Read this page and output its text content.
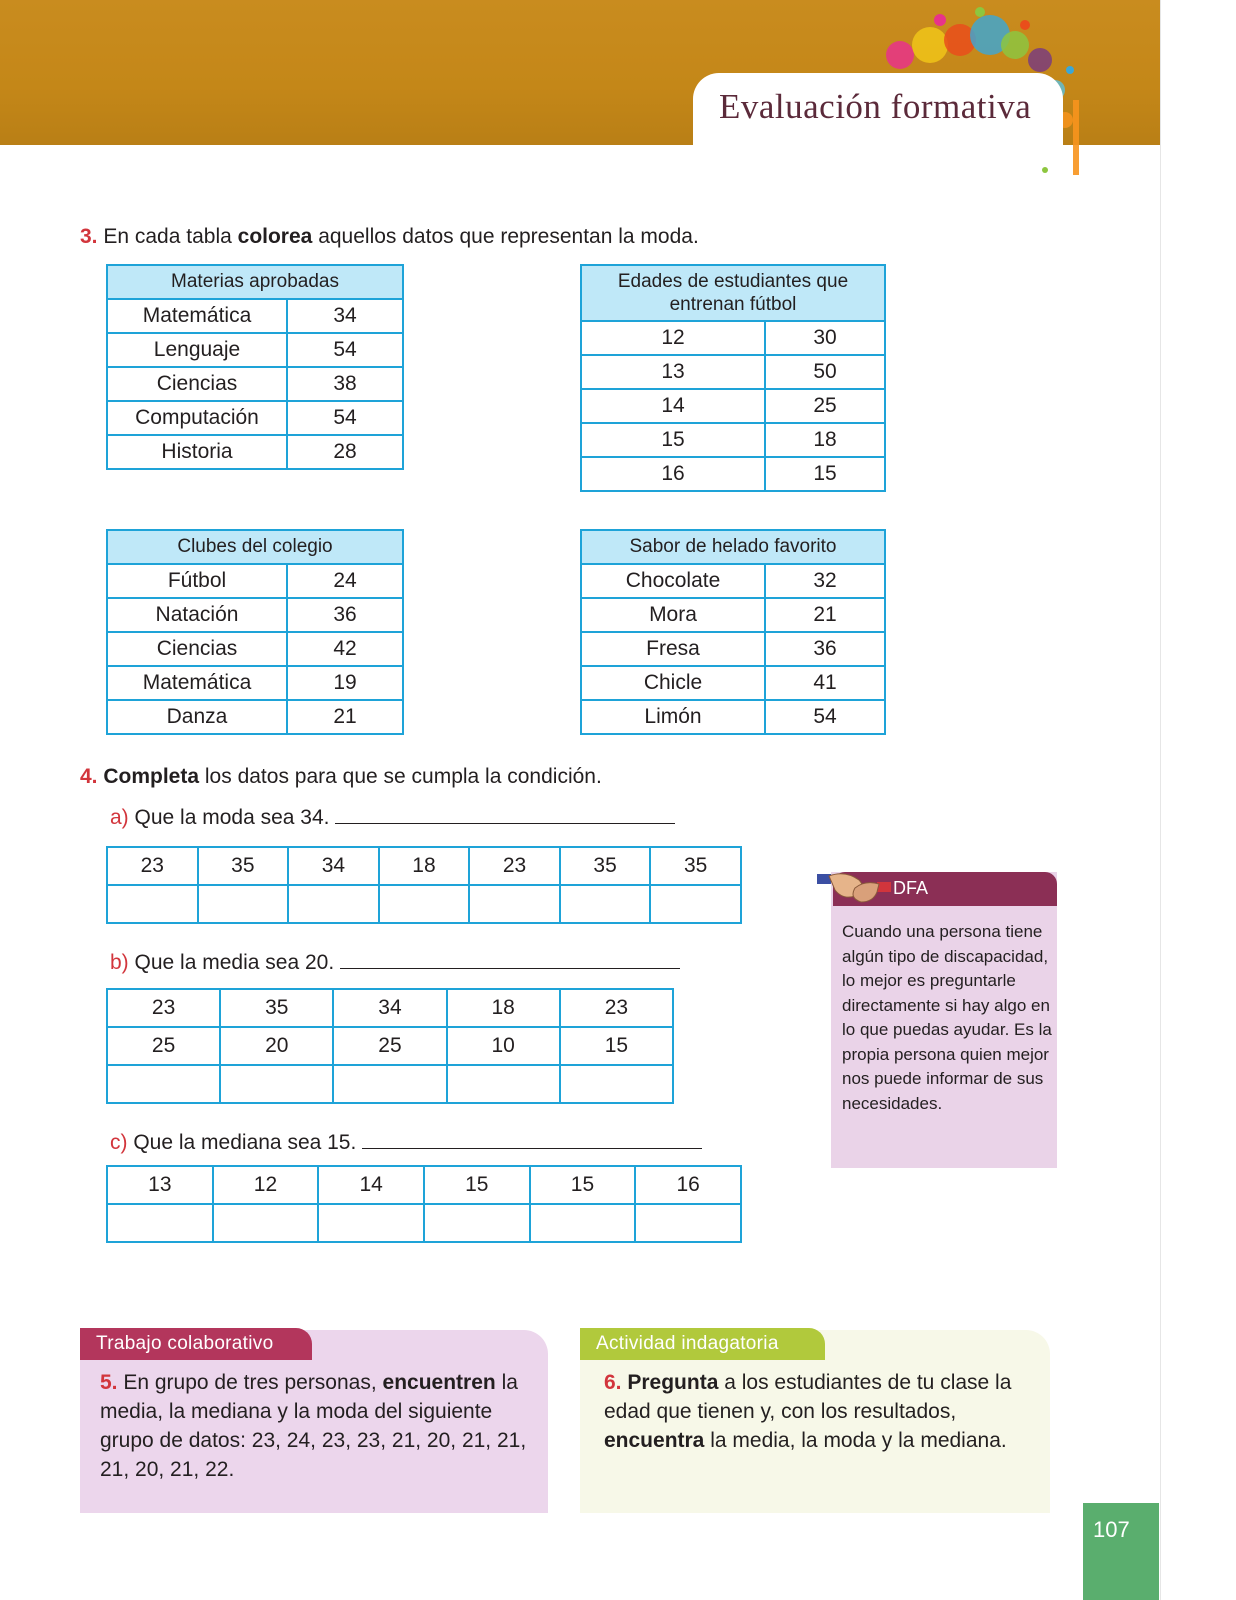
Evaluación formativa
3. En cada tabla colorea aquellos datos que representan la moda.
Materias aprobadas	
Matemática	34
Lenguaje	54
Ciencias	38
Computación	54
Historia	28
Edades de estudiantes que entrenan fútbol	
12	30
13	50
14	25
15	18
16	15
Clubes del colegio	
Fútbol	24
Natación	36
Ciencias	42
Matemática	19
Danza	21
Sabor de helado favorito	
Chocolate	32
Mora	21
Fresa	36
Chicle	41
Limón	54
4. Completa los datos para que se cumpla la condición.
a) Que la moda sea 34.
23	35	34	18	23	35	35

b) Que la media sea 20.
23	35	34	18	23
25	20	25	10	15

c) Que la mediana sea 15.
13	12	14	15	15	16

DFA
Cuando una persona tiene algún tipo de discapacidad, lo mejor es preguntarle directamente si hay algo en lo que puedas ayudar. Es la propia persona quien mejor nos puede informar de sus necesidades.
Trabajo colaborativo
5. En grupo de tres personas, encuentren la media, la mediana y la moda del siguiente grupo de datos: 23, 24, 23, 23, 21, 20, 21, 21, 21, 20, 21, 22.
Actividad indagatoria
6. Pregunta a los estudiantes de tu clase la edad que tienen y, con los resultados, encuentra la media, la moda y la mediana.
107
